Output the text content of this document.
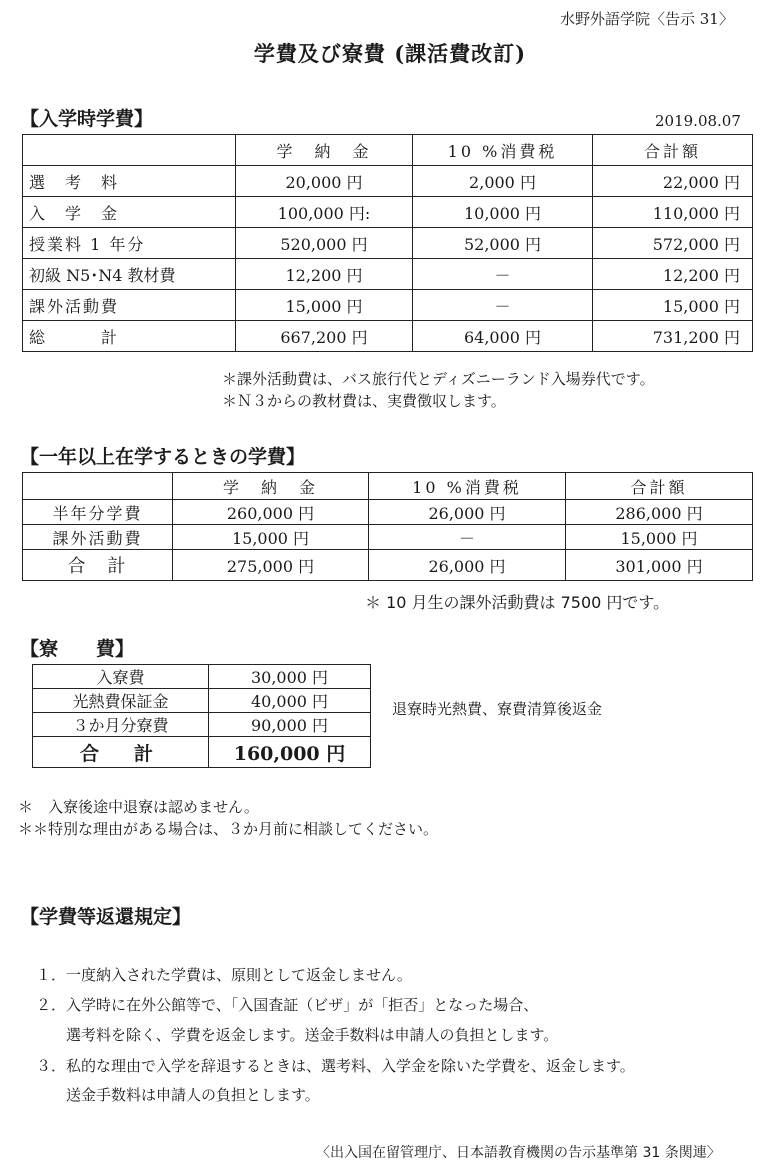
水野外語学院〈告示 31〉
学費及び寮費 (課活費改訂)
【入学時学費】	2019.08.07
	学　納　金	10 %消費税	合計額
選　考　料	20,000 円	2,000 円	22,000 円
入　学　金	100,000 円:	10,000 円	110,000 円
授業料 1 年分	520,000 円	52,000 円	572,000 円
初級 N5･N4 教材費	12,200 円	－	12,200 円
課外活動費	15,000 円	－	15,000 円
総　　　計	667,200 円	64,000 円	731,200 円
＊課外活動費は、バス旅行代とディズニーランド入場券代です。
＊Ｎ３からの教材費は、実費徴収します。
【一年以上在学するときの学費】
	学　納　金	10 %消費税	合計額
半年分学費	260,000 円	26,000 円	286,000 円
課外活動費	15,000 円	－	15,000 円
合　計	275,000 円	26,000 円	301,000 円
＊ 10 月生の課外活動費は 7500 円です。
【寮　　費】
入寮費	30,000 円
光熱費保証金	40,000 円
３か月分寮費	90,000 円
合　計	160,000 円
退寮時光熱費、寮費清算後返金
＊　入寮後途中退寮は認めません。
＊＊特別な理由がある場合は、３か月前に相談してください。
【学費等返還規定】
１．一度納入された学費は、原則として返金しません。
２．入学時に在外公館等で、「入国査証（ビザ」が「拒否」となった場合、
　　選考料を除く、学費を返金します。送金手数料は申請人の負担とします。
３．私的な理由で入学を辞退するときは、選考料、入学金を除いた学費を、返金します。
　　送金手数料は申請人の負担とします。
〈出入国在留管理庁、日本語教育機関の告示基準第 31 条関連〉
